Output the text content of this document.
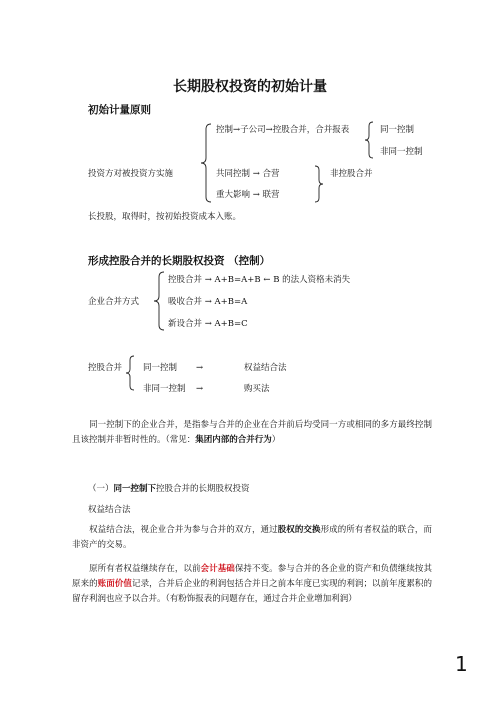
长期股权投资的初始计量
初始计量原则
投资方对被投资方实施
控制→子公司→控股合并，合并报表	同一控制
非同一控制
共同控制 → 合营
重大影响 → 联营
非控股合并
长投股，取得时，按初始投资成本入账。
形成控股合并的长期股权投资 （控制）
企业合并方式
控股合并 → A+B=A+B ← B 的法人资格未消失
吸收合并 → A+B=A
新设合并 → A+B=C
控股合并 同一控制 →	权益结合法
非同一控制 →	购买法
同一控制下的企业合并，是指参与合并的企业在合并前后均受同一方或相同的多方最终控制且该控制并非暂时性的。（常见：集团内部的合并行为）
（一）同一控制下控股合并的长期股权投资
权益结合法
权益结合法，视企业合并为参与合并的双方，通过股权的交换形成的所有者权益的联合，而非资产的交易。
原所有者权益继续存在，以前会计基础保持不变。参与合并的各企业的资产和负债继续按其原来的账面价值记录，合并后企业的利润包括合并日之前本年度已实现的利润；以前年度累积的留存利润也应予以合并。（有粉饰报表的问题存在，通过合并企业增加利润）
1
